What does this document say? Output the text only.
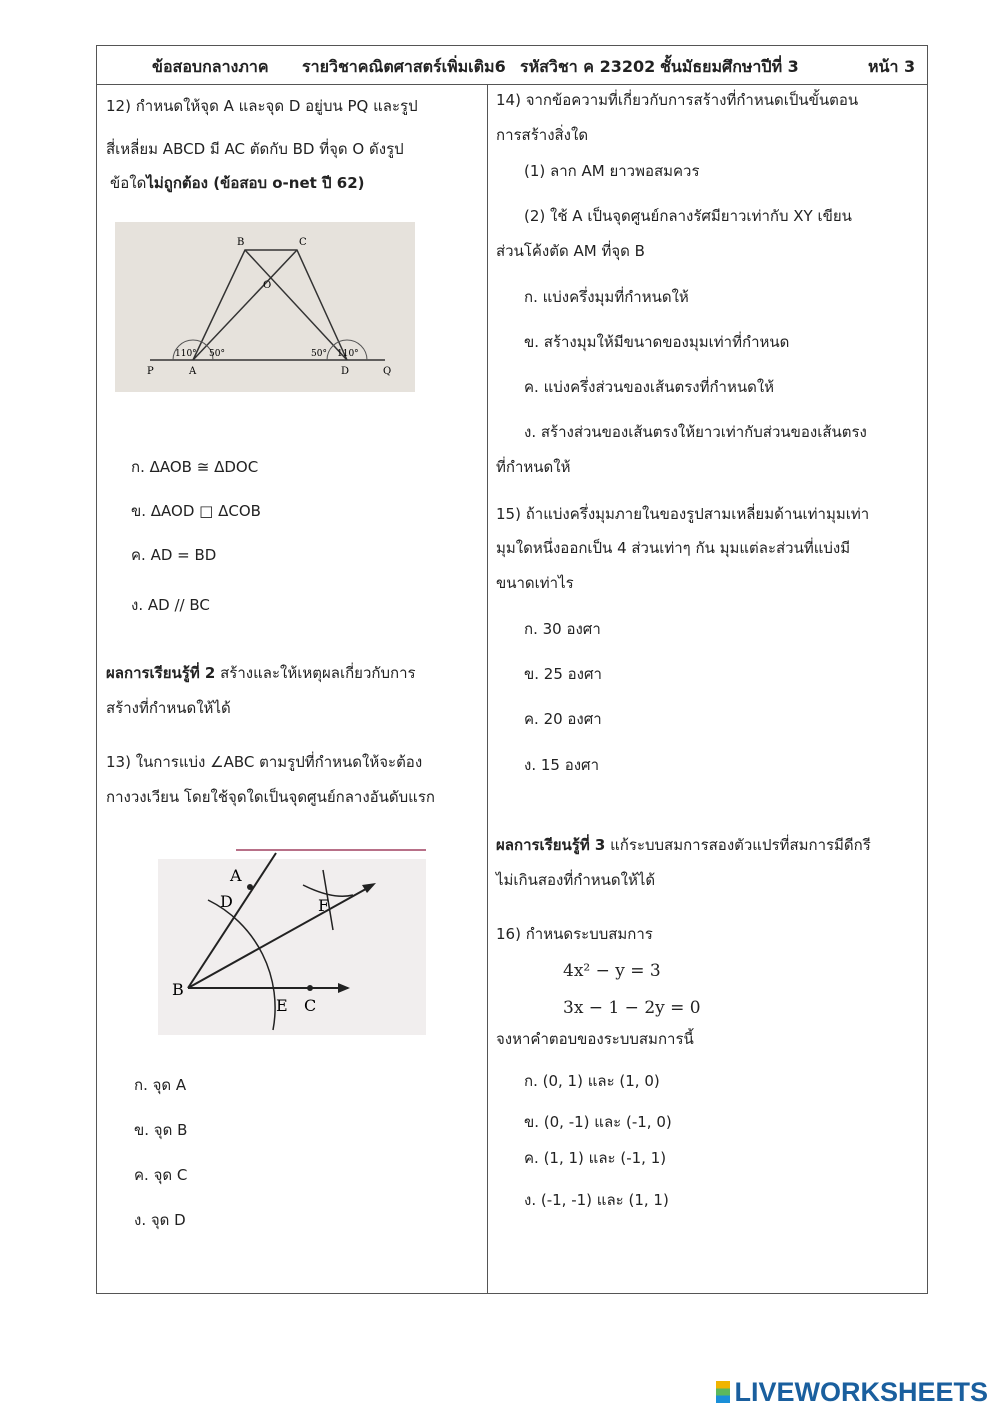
ข้อสอบกลางภาค รายวิชาคณิตศาสตร์เพิ่มเติม6 รหัสวิชา ค 23202 ชั้นมัธยมศึกษาปีที่ 3	หน้า 3
12) กำหนดให้จุด A และจุด D อยู่บน PQ และรูป
สี่เหลี่ยม ABCD มี AC ตัดกับ BD ที่จุด O ดังรูป
ข้อใดไม่ถูกต้อง (ข้อสอบ o-net ปี 62)
B	C
O
A	D
P	Q
110° 50°	50° 110°
ก. ΔAOB ≅ ΔDOC
ข. ΔAOD □ ΔCOB
ค. AD = BD
ง. AD // BC
ผลการเรียนรู้ที่ 2 สร้างและให้เหตุผลเกี่ยวกับการ
สร้างที่กำหนดให้ได้
13) ในการแบ่ง ∠ABC ตามรูปที่กำหนดให้จะต้อง
กางวงเวียน โดยใช้จุดใดเป็นจุดศูนย์กลางอันดับแรก
A
B
C
D
E
F
ก. จุด A
ข. จุด B
ค. จุด C
ง. จุด D
14) จากข้อความที่เกี่ยวกับการสร้างที่กำหนดเป็นขั้นตอน
การสร้างสิ่งใด
(1) ลาก AM ยาวพอสมควร
(2) ใช้ A เป็นจุดศูนย์กลางรัศมียาวเท่ากับ XY เขียน
ส่วนโค้งตัด AM ที่จุด B
ก. แบ่งครึ่งมุมที่กำหนดให้
ข. สร้างมุมให้มีขนาดของมุมเท่าที่กำหนด
ค. แบ่งครึ่งส่วนของเส้นตรงที่กำหนดให้
ง. สร้างส่วนของเส้นตรงให้ยาวเท่ากับส่วนของเส้นตรง
ที่กำหนดให้
15) ถ้าแบ่งครึ่งมุมภายในของรูปสามเหลี่ยมด้านเท่ามุมเท่า
มุมใดหนึ่งออกเป็น 4 ส่วนเท่าๆ กัน มุมแต่ละส่วนที่แบ่งมี
ขนาดเท่าไร
ก. 30 องศา
ข. 25 องศา
ค. 20 องศา
ง. 15 องศา
ผลการเรียนรู้ที่ 3 แก้ระบบสมการสองตัวแปรที่สมการมีดีกรี
ไม่เกินสองที่กำหนดให้ได้
16) กำหนดระบบสมการ
4x² − y = 3
3x − 1 − 2y = 0
จงหาคำตอบของระบบสมการนี้
ก. (0, 1) และ (1, 0)
ข. (0, -1) และ (-1, 0)
ค. (1, 1) และ (-1, 1)
ง. (-1, -1) และ (1, 1)
LIVEWORKSHEETS
